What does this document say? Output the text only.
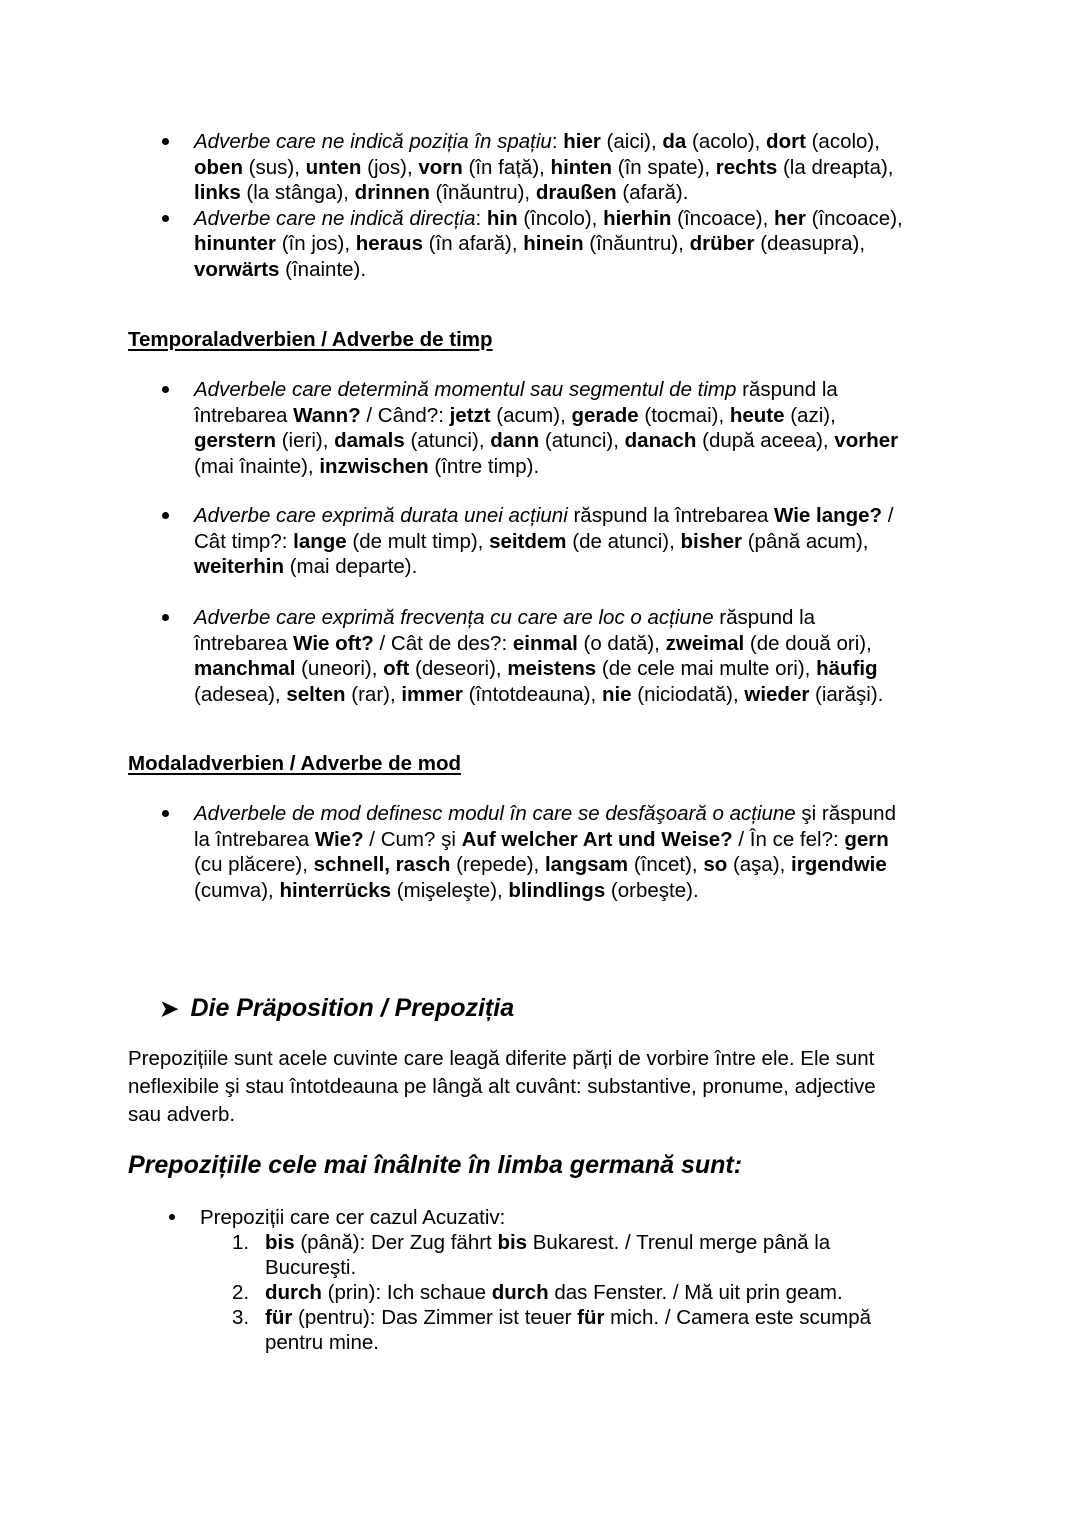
Adverbe care ne indică poziția în spațiu: hier (aici), da (acolo), dort (acolo),
oben (sus), unten (jos), vorn (în față), hinten (în spate), rechts (la dreapta),
links (la stânga), drinnen (înăuntru), draußen (afară).
Adverbe care ne indică direcția: hin (încolo), hierhin (încoace), her (încoace),
hinunter (în jos), heraus (în afară), hinein (înăuntru), drüber (deasupra),
vorwärts (înainte).
Temporaladverbien / Adverbe de timp
Adverbele care determină momentul sau segmentul de timp răspund la
întrebarea Wann? / Când?: jetzt (acum), gerade (tocmai), heute (azi),
gerstern (ieri), damals (atunci), dann (atunci), danach (după aceea), vorher
(mai înainte), inzwischen (între timp).
Adverbe care exprimă durata unei acțiuni răspund la întrebarea Wie lange? /
Cât timp?: lange (de mult timp), seitdem (de atunci), bisher (până acum),
weiterhin (mai departe).
Adverbe care exprimă frecvența cu care are loc o acțiune răspund la
întrebarea Wie oft? / Cât de des?: einmal (o dată), zweimal (de două ori),
manchmal (uneori), oft (deseori), meistens (de cele mai multe ori), häufig
(adesea), selten (rar), immer (întotdeauna), nie (niciodată), wieder (iarăşi).
Modaladverbien / Adverbe de mod
Adverbele de mod definesc modul în care se desfăşoară o acțiune şi răspund
la întrebarea Wie? / Cum? şi Auf welcher Art und Weise? / În ce fel?: gern
(cu plăcere), schnell, rasch (repede), langsam (încet), so (aşa), irgendwie
(cumva), hinterrücks (mişeleşte), blindlings (orbeşte).
➤ Die Präposition / Prepoziția
Prepozițiile sunt acele cuvinte care leagă diferite părți de vorbire între ele. Ele sunt
neflexibile şi stau întotdeauna pe lângă alt cuvânt: substantive, pronume, adjective
sau adverb.
Prepozițiile cele mai înâlnite în limba germană sunt:
Prepoziții care cer cazul Acuzativ:
1. bis (până): Der Zug fährt bis Bukarest. / Trenul merge până la
Bucureşti.
2. durch (prin): Ich schaue durch das Fenster. / Mă uit prin geam.
3. für (pentru): Das Zimmer ist teuer für mich. / Camera este scumpă
pentru mine.
